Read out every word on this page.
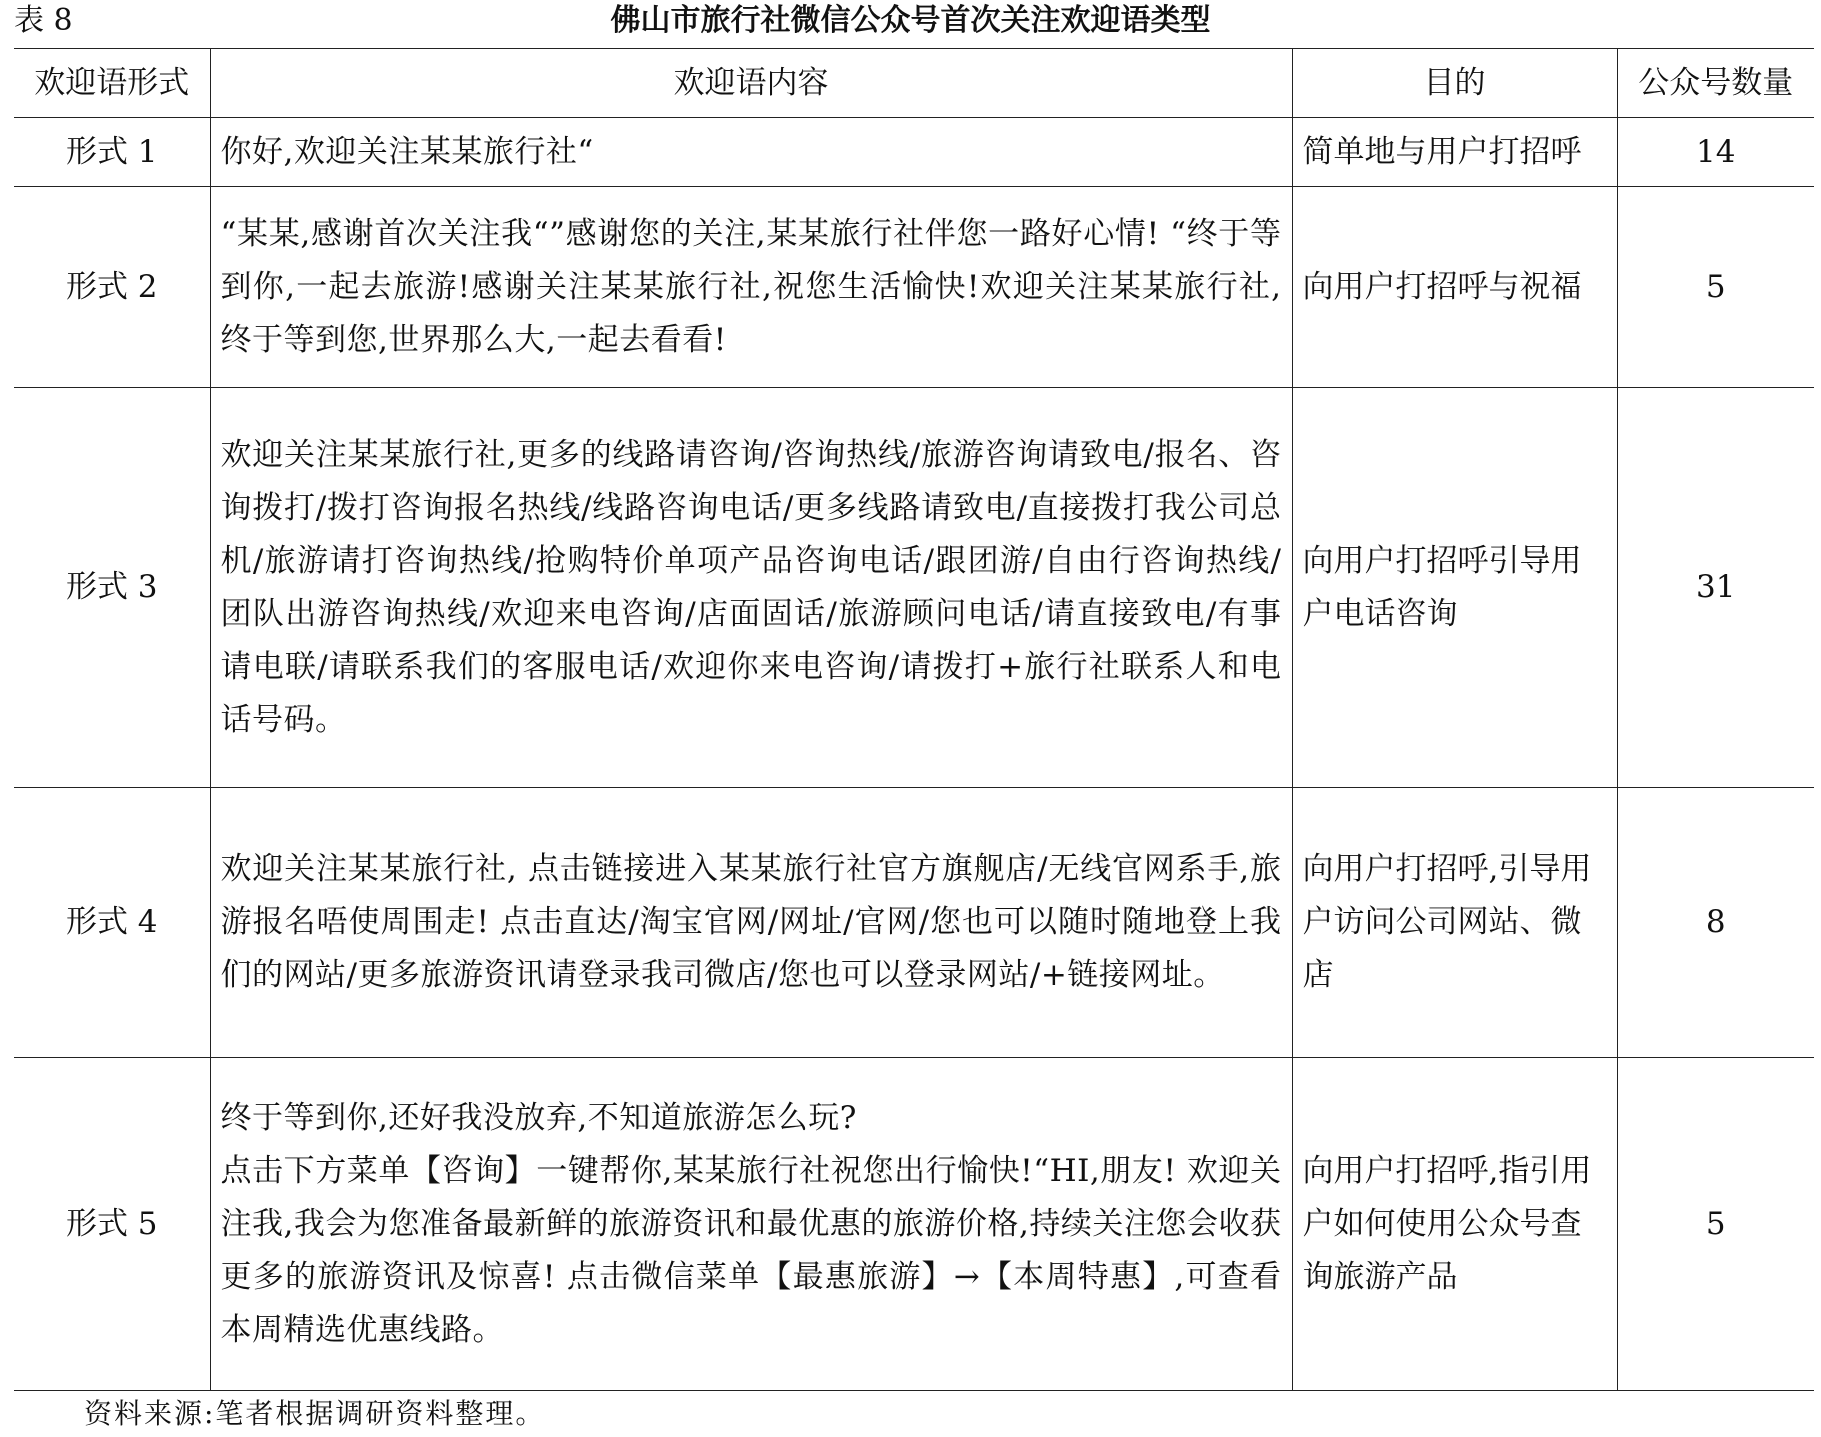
表 8	佛山市旅行社微信公众号首次关注欢迎语类型
欢迎语形式	欢迎语内容	目的	公众号数量
形式 1	你好,欢迎关注某某旅行社“	简单地与用户打招呼	14
形式 2	“某某,感谢首次关注我“”感谢您的关注,某某旅行社伴您一路好心情! “终于等到你,一起去旅游!感谢关注某某旅行社,祝您生活愉快!欢迎关注某某旅行社,终于等到您,世界那么大,一起去看看!	向用户打招呼与祝福	5
形式 3	欢迎关注某某旅行社,更多的线路请咨询/咨询热线/旅游咨询请致电/报名、咨询拨打/拨打咨询报名热线/线路咨询电话/更多线路请致电/直接拨打我公司总机/旅游请打咨询热线/抢购特价单项产品咨询电话/跟团游/自由行咨询热线/团队出游咨询热线/欢迎来电咨询/店面固话/旅游顾问电话/请直接致电/有事请电联/请联系我们的客服电话/欢迎你来电咨询/请拨打+旅行社联系人和电话号码。	向用户打招呼引导用户电话咨询	31
形式 4	欢迎关注某某旅行社, 点击链接进入某某旅行社官方旗舰店/无线官网系手,旅游报名唔使周围走! 点击直达/淘宝官网/网址/官网/您也可以随时随地登上我们的网站/更多旅游资讯请登录我司微店/您也可以登录网站/+链接网址。	向用户打招呼,引导用户访问公司网站、微店	8
形式 5	终于等到你,还好我没放弃,不知道旅游怎么玩?
点击下方菜单【咨询】一键帮你,某某旅行社祝您出行愉快!“HI,朋友! 欢迎关注我,我会为您准备最新鲜的旅游资讯和最优惠的旅游价格,持续关注您会收获更多的旅游资讯及惊喜! 点击微信菜单【最惠旅游】→【本周特惠】,可查看本周精选优惠线路。	向用户打招呼,指引用户如何使用公众号查询旅游产品	5
资料来源:笔者根据调研资料整理。
